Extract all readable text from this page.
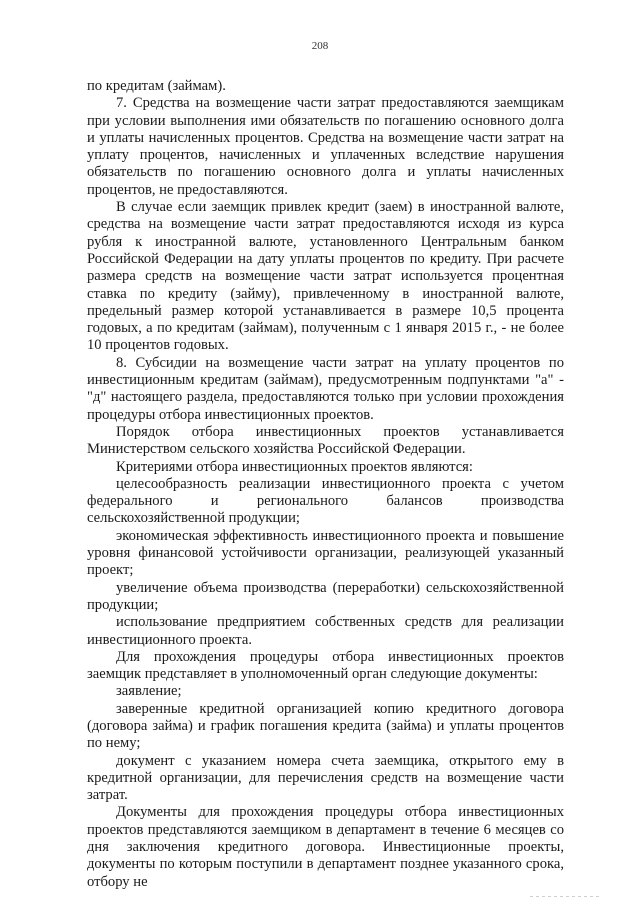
208

по кредитам (займам).

7. Средства на возмещение части затрат предоставляются заемщикам при условии выполнения ими обязательств по погашению основного долга и уплаты начисленных процентов. Средства на возмещение части затрат на уплату процентов, начисленных и уплаченных вследствие нарушения обязательств по погашению основного долга и уплаты начисленных процентов, не предоставляются.

В случае если заемщик привлек кредит (заем) в иностранной валюте, средства на возмещение части затрат предоставляются исходя из курса рубля к иностранной валюте, установленного Центральным банком Российской Федерации на дату уплаты процентов по кредиту. При расчете размера средств на возмещение части затрат используется процентная ставка по кредиту (займу), привлеченному в иностранной валюте, предельный размер которой устанавливается в размере 10,5 процента годовых, а по кредитам (займам), полученным с 1 января 2015 г., - не более 10 процентов годовых.

8. Субсидии на возмещение части затрат на уплату процентов по инвестиционным кредитам (займам), предусмотренным подпунктами "а" - "д" настоящего раздела, предоставляются только при условии прохождения процедуры отбора инвестиционных проектов.

Порядок отбора инвестиционных проектов устанавливается Министерством сельского хозяйства Российской Федерации.

Критериями отбора инвестиционных проектов являются:

целесообразность реализации инвестиционного проекта с учетом федерального и регионального балансов производства сельскохозяйственной продукции;

экономическая эффективность инвестиционного проекта и повышение уровня финансовой устойчивости организации, реализующей указанный проект;

увеличение объема производства (переработки) сельскохозяйственной продукции;

использование предприятием собственных средств для реализации инвестиционного проекта.

Для прохождения процедуры отбора инвестиционных проектов заемщик представляет в уполномоченный орган следующие документы:

заявление;

заверенные кредитной организацией копию кредитного договора (договора займа) и график погашения кредита (займа) и уплаты процентов по нему;

документ с указанием номера счета заемщика, открытого ему в кредитной организации, для перечисления средств на возмещение части затрат.

Документы для прохождения процедуры отбора инвестиционных проектов представляются заемщиком в департамент в течение 6 месяцев со дня заключения кредитного договора. Инвестиционные проекты, документы по которым поступили в департамент позднее указанного срока, отбору не
